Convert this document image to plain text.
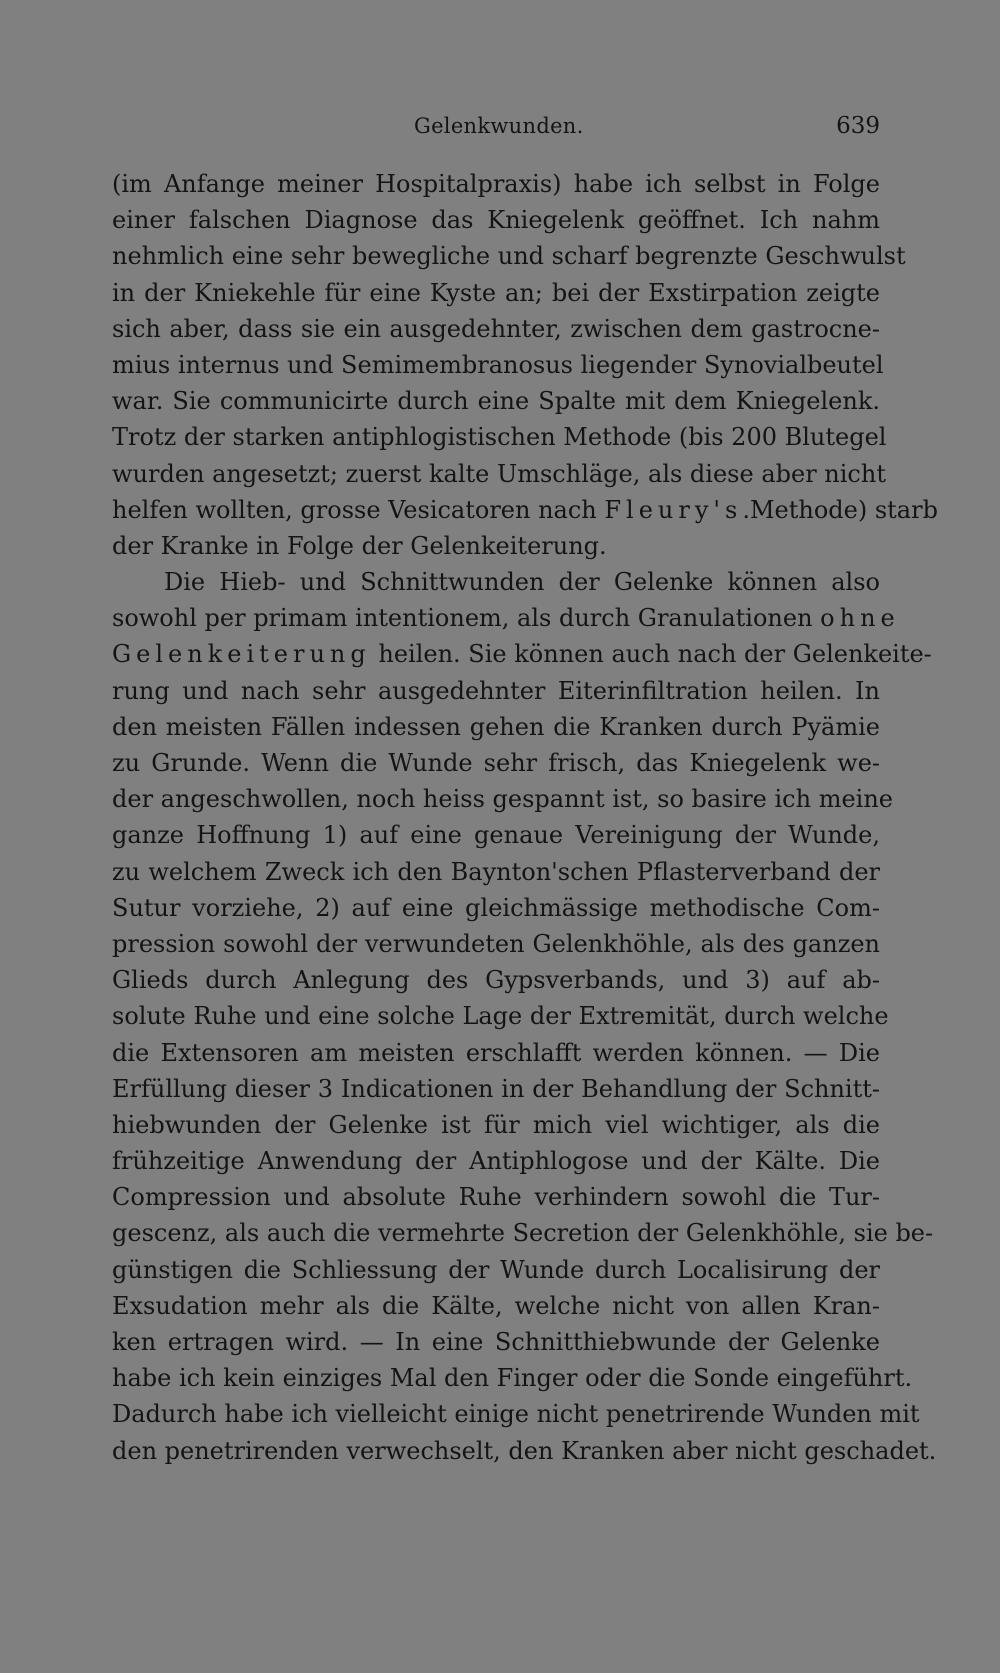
Gelenkwunden.	639
(im Anfange meiner Hospitalpraxis) habe ich selbst in Folge
einer falschen Diagnose das Kniegelenk geöffnet. Ich nahm
nehmlich eine sehr bewegliche und scharf begrenzte Geschwulst
in der Kniekehle für eine Kyste an; bei der Exstirpation zeigte
sich aber, dass sie ein ausgedehnter, zwischen dem gastrocne-
mius internus und Semimembranosus liegender Synovialbeutel
war. Sie communicirte durch eine Spalte mit dem Kniegelenk.
Trotz der starken antiphlogistischen Methode (bis 200 Blutegel
wurden angesetzt; zuerst kalte Umschläge, als diese aber nicht
helfen wollten, grosse Vesicatoren nach Fleury's.Methode) starb
der Kranke in Folge der Gelenkeiterung.
Die Hieb- und Schnittwunden der Gelenke können also
sowohl per primam intentionem, als durch Granulationen ohne
Gelenkeiterung heilen. Sie können auch nach der Gelenkeite-
rung und nach sehr ausgedehnter Eiterinfiltration heilen. In
den meisten Fällen indessen gehen die Kranken durch Pyämie
zu Grunde. Wenn die Wunde sehr frisch, das Kniegelenk we-
der angeschwollen, noch heiss gespannt ist, so basire ich meine
ganze Hoffnung 1) auf eine genaue Vereinigung der Wunde,
zu welchem Zweck ich den Baynton'schen Pflasterverband der
Sutur vorziehe, 2) auf eine gleichmässige methodische Com-
pression sowohl der verwundeten Gelenkhöhle, als des ganzen
Glieds durch Anlegung des Gypsverbands, und 3) auf ab-
solute Ruhe und eine solche Lage der Extremität, durch welche
die Extensoren am meisten erschlafft werden können. — Die
Erfüllung dieser 3 Indicationen in der Behandlung der Schnitt-
hiebwunden der Gelenke ist für mich viel wichtiger, als die
frühzeitige Anwendung der Antiphlogose und der Kälte. Die
Compression und absolute Ruhe verhindern sowohl die Tur-
gescenz, als auch die vermehrte Secretion der Gelenkhöhle, sie be-
günstigen die Schliessung der Wunde durch Localisirung der
Exsudation mehr als die Kälte, welche nicht von allen Kran-
ken ertragen wird. — In eine Schnitthiebwunde der Gelenke
habe ich kein einziges Mal den Finger oder die Sonde eingeführt.
Dadurch habe ich vielleicht einige nicht penetrirende Wunden mit
den penetrirenden verwechselt, den Kranken aber nicht geschadet.
